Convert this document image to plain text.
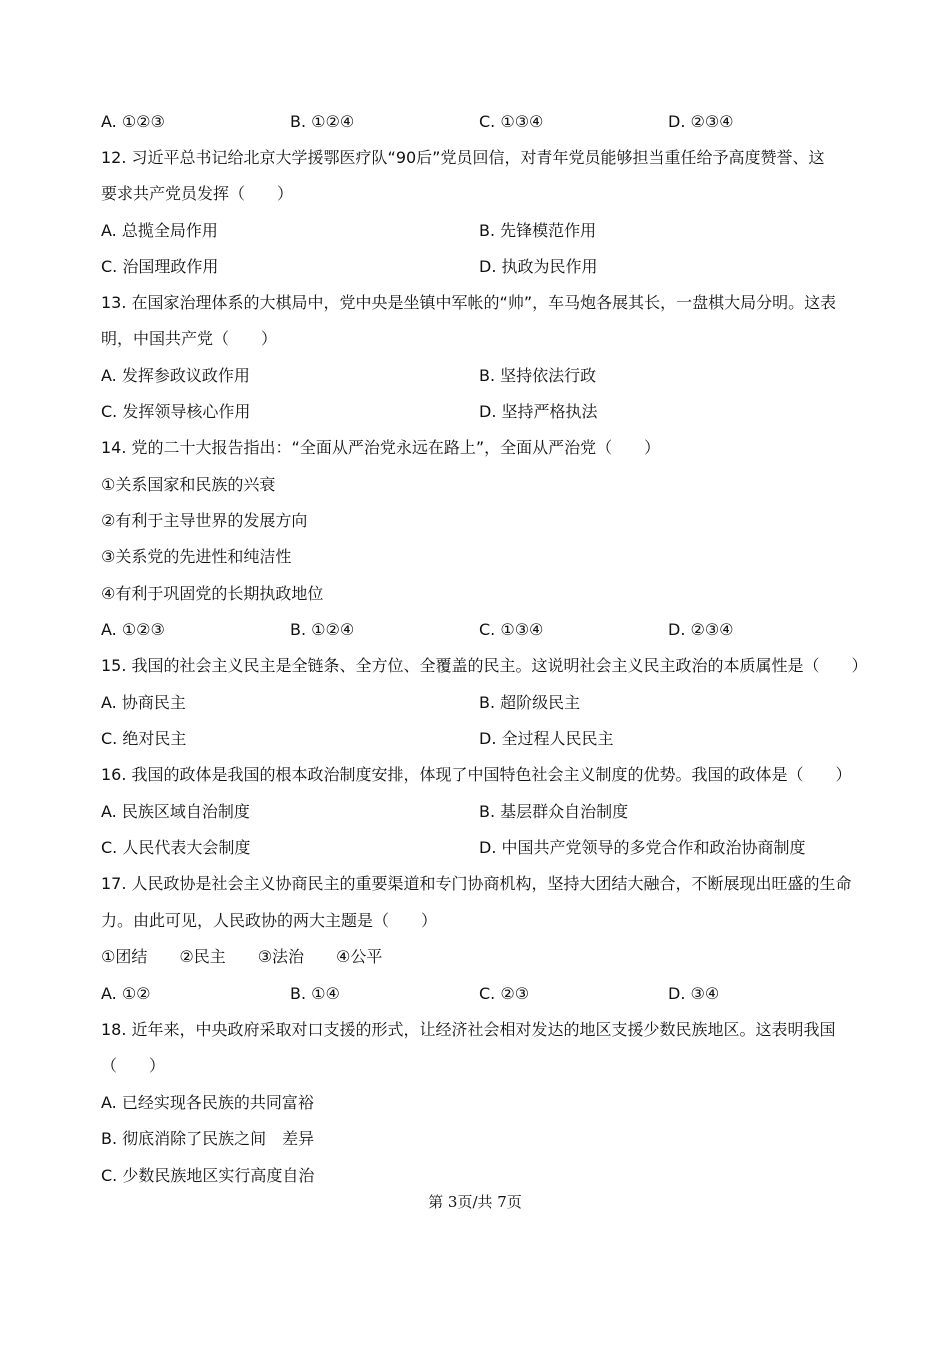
A. ①②③	B. ①②④	C. ①③④	D. ②③④
12. 习近平总书记给北京大学援鄂医疗队“90后”党员回信，对青年党员能够担当重任给予高度赞誉、这
要求共产党员发挥（　　）
A. 总揽全局作用	B. 先锋模范作用
C. 治国理政作用	D. 执政为民作用
13. 在国家治理体系的大棋局中，党中央是坐镇中军帐的“帅”，车马炮各展其长，一盘棋大局分明。这表
明，中国共产党（　　）
A. 发挥参政议政作用	B. 坚持依法行政
C. 发挥领导核心作用	D. 坚持严格执法
14. 党的二十大报告指出：“全面从严治党永远在路上”，全面从严治党（　　）
①关系国家和民族的兴衰
②有利于主导世界的发展方向
③关系党的先进性和纯洁性
④有利于巩固党的长期执政地位
A. ①②③	B. ①②④	C. ①③④	D. ②③④
15. 我国的社会主义民主是全链条、全方位、全覆盖的民主。这说明社会主义民主政治的本质属性是（　　）
A. 协商民主	B. 超阶级民主
C. 绝对民主	D. 全过程人民民主
16. 我国的政体是我国的根本政治制度安排，体现了中国特色社会主义制度的优势。我国的政体是（　　）
A. 民族区域自治制度	B. 基层群众自治制度
C. 人民代表大会制度	D. 中国共产党领导的多党合作和政治协商制度
17. 人民政协是社会主义协商民主的重要渠道和专门协商机构，坚持大团结大融合，不断展现出旺盛的生命
力。由此可见，人民政协的两大主题是（　　）
①团结　　②民主　　③法治　　④公平
A. ①②	B. ①④	C. ②③	D. ③④
18. 近年来，中央政府采取对口支援的形式，让经济社会相对发达的地区支援少数民族地区。这表明我国
（　　）
A. 已经实现各民族的共同富裕
B. 彻底消除了民族之间　差异
C. 少数民族地区实行高度自治
第 3页/共 7页
